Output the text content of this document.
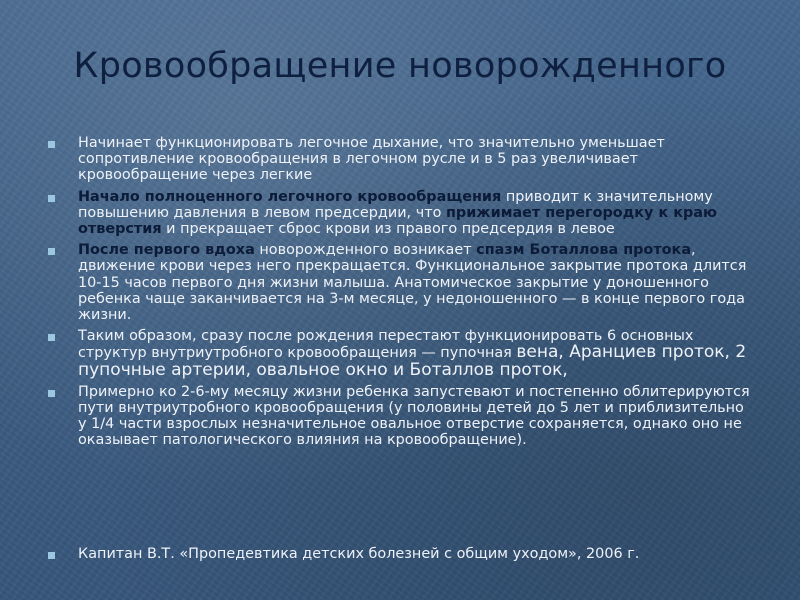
Кровообращение новорожденного
Начинает функционировать легочное дыхание, что значительно уменьшает сопротивление кровообращения в легочном русле и в 5 раз увеличивает кровообращение через легкие
Начало полноценного легочного кровообращения приводит к значительному повышению давления в левом предсердии, что прижимает перегородку к краю отверстия и прекращает сброс крови из правого предсердия в левое
После первого вдоха новорожденного возникает спазм Боталлова протока, движение крови через него прекращается. Функциональное закрытие протока длится 10-15 часов первого дня жизни малыша. Анатомическое закрытие у доношенного ребенка чаще заканчивается на 3-м месяце, у недоношенного — в конце первого года жизни.
Таким образом, сразу после рождения перестают функционировать 6 основных структур внутриутробного кровообращения — пупочная вена, Аранциев проток, 2 пупочные артерии, овальное окно и Боталлов проток,
Примерно ко 2-6-му месяцу жизни ребенка запустевают и постепенно облитерируются пути внутриутробного кровообращения (у половины детей до 5 лет и приблизительно у 1/4 части взрослых незначительное овальное отверстие сохраняется, однако оно не оказывает патологического влияния на кровообращение).
Капитан В.Т. «Пропедевтика детских болезней с общим уходом», 2006 г.
